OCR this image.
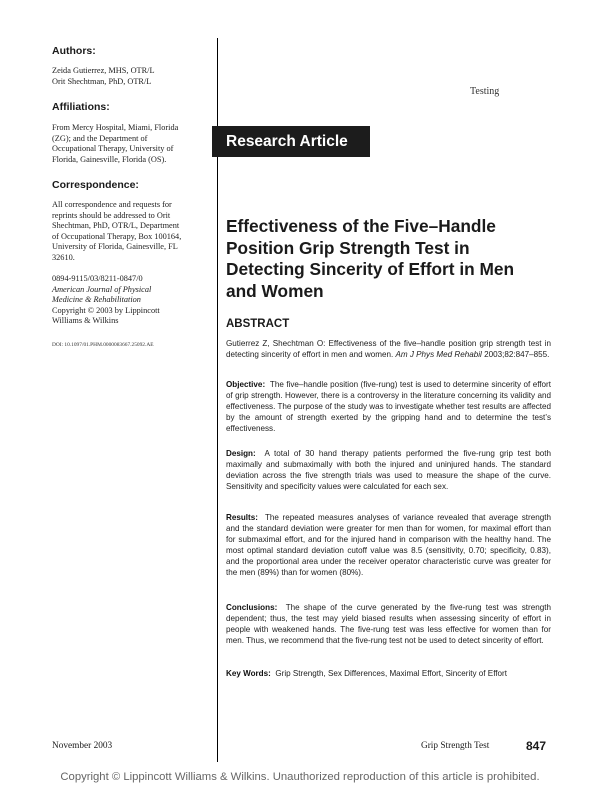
Authors:
Zeida Gutierrez, MHS, OTR/L
Orit Shechtman, PhD, OTR/L
Affiliations:
From Mercy Hospital, Miami, Florida
(ZG); and the Department of
Occupational Therapy, University of
Florida, Gainesville, Florida (OS).
Correspondence:
All correspondence and requests for
reprints should be addressed to Orit
Shechtman, PhD, OTR/L, Department
of Occupational Therapy, Box 100164,
University of Florida, Gainesville, FL
32610.
0894-9115/03/8211-0847/0
American Journal of Physical
Medicine & Rehabilitation
Copyright © 2003 by Lippincott
Williams & Wilkins
DOI: 10.1097/01.PHM.0000083667.25092.AE
Testing
Research Article
Effectiveness of the Five–Handle
Position Grip Strength Test in
Detecting Sincerity of Effort in Men
and Women
ABSTRACT
Gutierrez Z, Shechtman O: Effectiveness of the five–handle position grip strength test in detecting sincerity of effort in men and women. Am J Phys Med Rehabil 2003;82:847–855.
Objective: The five–handle position (five-rung) test is used to determine sincerity of effort of grip strength. However, there is a controversy in the literature concerning its validity and effectiveness. The purpose of the study was to investigate whether test results are affected by the amount of strength exerted by the gripping hand and to determine the test’s effectiveness.
Design: A total of 30 hand therapy patients performed the five-rung grip test both maximally and submaximally with both the injured and uninjured hands. The standard deviation across the five strength trials was used to measure the shape of the curve. Sensitivity and specificity values were calculated for each sex.
Results: The repeated measures analyses of variance revealed that average strength and the standard deviation were greater for men than for women, for maximal effort than for submaximal effort, and for the injured hand in comparison with the healthy hand. The most optimal standard deviation cutoff value was 8.5 (sensitivity, 0.70; specificity, 0.83), and the proportional area under the receiver operator characteristic curve was greater for the men (89%) than for women (80%).
Conclusions: The shape of the curve generated by the five-rung test was strength dependent; thus, the test may yield biased results when assessing sincerity of effort in people with weakened hands. The five-rung test was less effective for women than for men. Thus, we recommend that the five-rung test not be used to detect sincerity of effort.
Key Words: Grip Strength, Sex Differences, Maximal Effort, Sincerity of Effort
November 2003	Grip Strength Test	847
Copyright © Lippincott Williams & Wilkins. Unauthorized reproduction of this article is prohibited.
